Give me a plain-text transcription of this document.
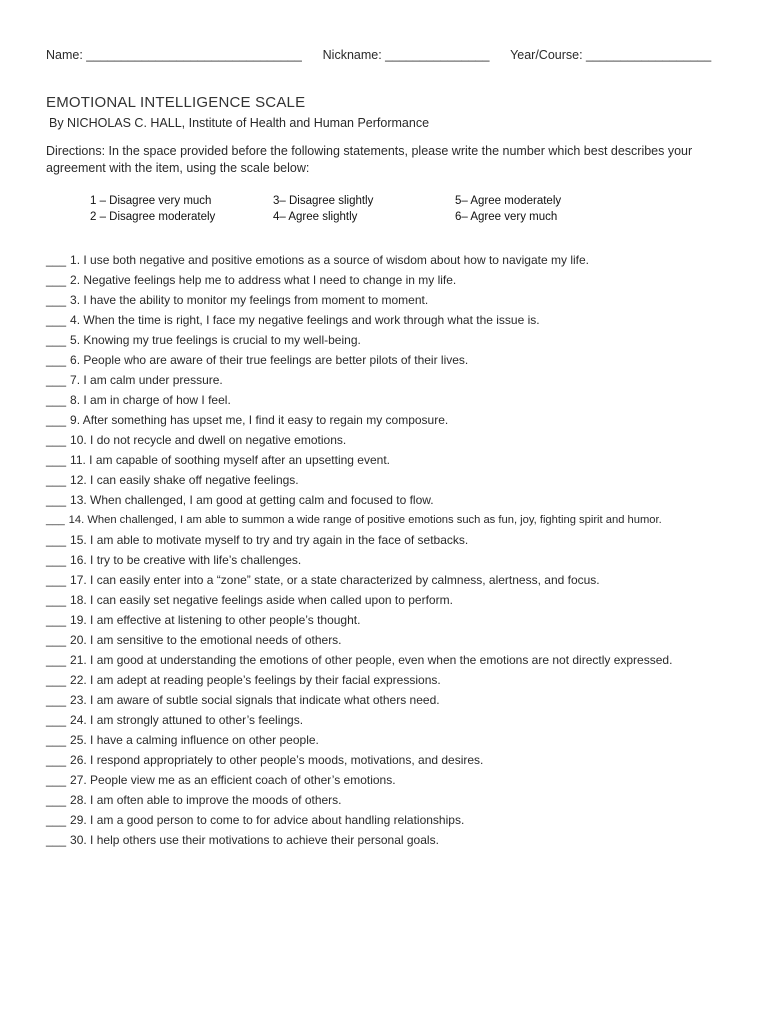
Name: _______________________________ Nickname: _______________ Year/Course: __________________
EMOTIONAL INTELLIGENCE SCALE
By NICHOLAS C. HALL, Institute of Health and Human Performance
Directions: In the space provided before the following statements, please write the number which best describes your agreement with the item, using the scale below:
1 – Disagree very much	3– Disagree slightly	5– Agree moderately
2 – Disagree moderately	4– Agree slightly	6– Agree very much
___ 1. I use both negative and positive emotions as a source of wisdom about how to navigate my life.
___ 2. Negative feelings help me to address what I need to change in my life.
___ 3. I have the ability to monitor my feelings from moment to moment.
___ 4. When the time is right, I face my negative feelings and work through what the issue is.
___ 5. Knowing my true feelings is crucial to my well-being.
___ 6. People who are aware of their true feelings are better pilots of their lives.
___ 7. I am calm under pressure.
___ 8. I am in charge of how I feel.
___ 9. After something has upset me, I find it easy to regain my composure.
___ 10. I do not recycle and dwell on negative emotions.
___ 11. I am capable of soothing myself after an upsetting event.
___ 12. I can easily shake off negative feelings.
___ 13. When challenged, I am good at getting calm and focused to flow.
___ 14. When challenged, I am able to summon a wide range of positive emotions such as fun, joy, fighting spirit and humor.
___ 15. I am able to motivate myself to try and try again in the face of setbacks.
___ 16. I try to be creative with life’s challenges.
___ 17. I can easily enter into a “zone” state, or a state characterized by calmness, alertness, and focus.
___ 18. I can easily set negative feelings aside when called upon to perform.
___ 19. I am effective at listening to other people’s thought.
___ 20. I am sensitive to the emotional needs of others.
___ 21. I am good at understanding the emotions of other people, even when the emotions are not directly expressed.
___ 22. I am adept at reading people’s feelings by their facial expressions.
___ 23. I am aware of subtle social signals that indicate what others need.
___ 24. I am strongly attuned to other’s feelings.
___ 25. I have a calming influence on other people.
___ 26. I respond appropriately to other people’s moods, motivations, and desires.
___ 27. People view me as an efficient coach of other’s emotions.
___ 28. I am often able to improve the moods of others.
___ 29. I am a good person to come to for advice about handling relationships.
___ 30. I help others use their motivations to achieve their personal goals.
